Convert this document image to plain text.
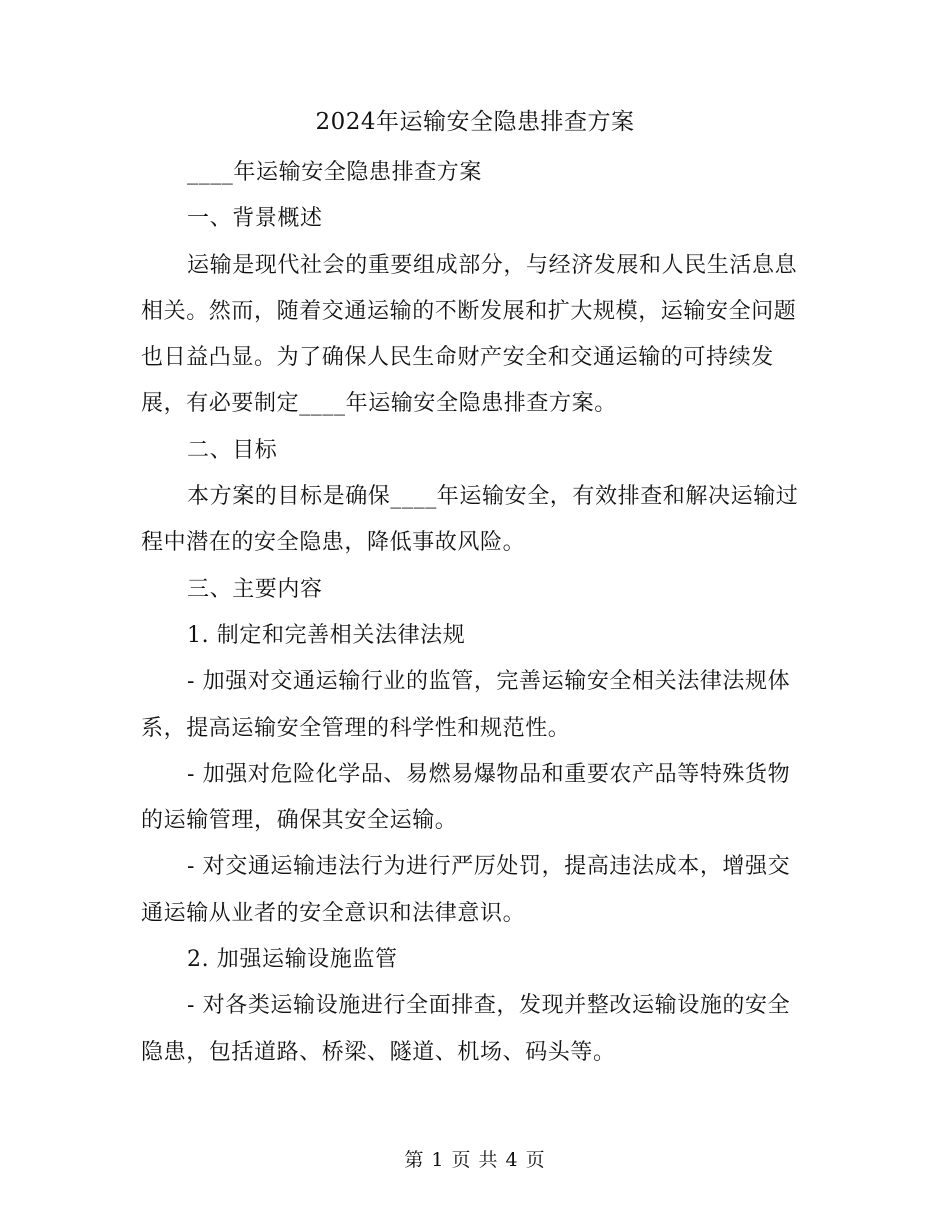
2024年运输安全隐患排查方案

____年运输安全隐患排查方案

一、背景概述

运输是现代社会的重要组成部分，与经济发展和人民生活息息相关。然而，随着交通运输的不断发展和扩大规模，运输安全问题也日益凸显。为了确保人民生命财产安全和交通运输的可持续发展，有必要制定____年运输安全隐患排查方案。

二、目标

本方案的目标是确保____年运输安全，有效排查和解决运输过程中潜在的安全隐患，降低事故风险。

三、主要内容

1. 制定和完善相关法律法规

- 加强对交通运输行业的监管，完善运输安全相关法律法规体系，提高运输安全管理的科学性和规范性。

- 加强对危险化学品、易燃易爆物品和重要农产品等特殊货物的运输管理，确保其安全运输。

- 对交通运输违法行为进行严厉处罚，提高违法成本，增强交通运输从业者的安全意识和法律意识。

2. 加强运输设施监管

- 对各类运输设施进行全面排查，发现并整改运输设施的安全隐患，包括道路、桥梁、隧道、机场、码头等。

第 1 页 共 4 页
